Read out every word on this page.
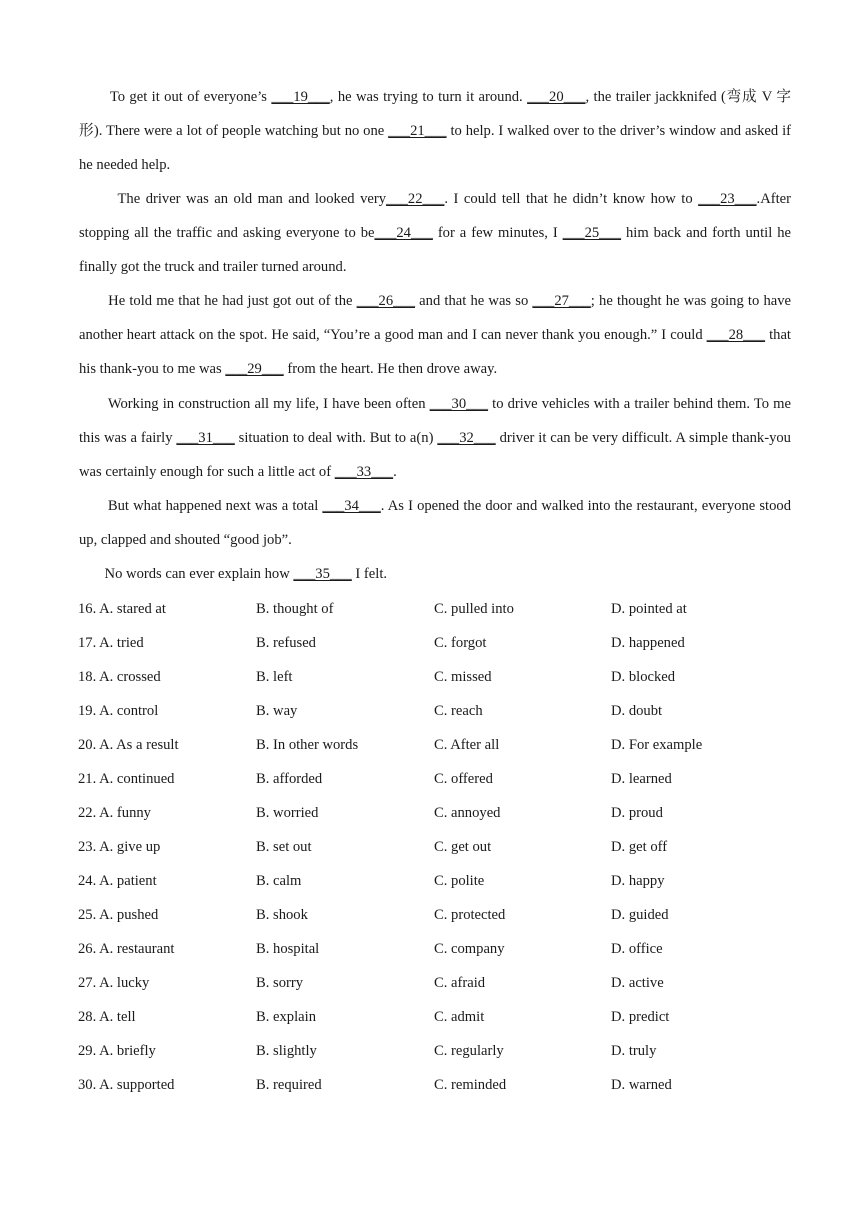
To get it out of everyone’s ___19___, he was trying to turn it around. ___20___, the trailer jackknifed (弯成 V 字形). There were a lot of people watching but no one ___21___ to help. I walked over to the driver’s window and asked if he needed help.

The driver was an old man and looked very___22___. I could tell that he didn’t know how to ___23___.After stopping all the traffic and asking everyone to be___24___ for a few minutes, I ___25___ him back and forth until he finally got the truck and trailer turned around.

He told me that he had just got out of the ___26___ and that he was so ___27___; he thought he was going to have another heart attack on the spot. He said, “You’re a good man and I can never thank you enough.” I could ___28___ that his thank-you to me was ___29___ from the heart. He then drove away.

Working in construction all my life, I have been often ___30___ to drive vehicles with a trailer behind them. To me this was a fairly ___31___ situation to deal with. But to a(n) ___32___ driver it can be very difficult. A simple thank-you was certainly enough for such a little act of ___33___.

But what happened next was a total ___34___. As I opened the door and walked into the restaurant, everyone stood up, clapped and shouted “good job”.

No words can ever explain how ___35___ I felt.

16. A. stared at	B. thought of	C. pulled into	D. pointed at
17. A. tried	B. refused	C. forgot	D. happened
18. A. crossed	B. left	C. missed	D. blocked
19. A. control	B. way	C. reach	D. doubt
20. A. As a result	B. In other words	C. After all	D. For example
21. A. continued	B. afforded	C. offered	D. learned
22. A. funny	B. worried	C. annoyed	D. proud
23. A. give up	B. set out	C. get out	D. get off
24. A. patient	B. calm	C. polite	D. happy
25. A. pushed	B. shook	C. protected	D. guided
26. A. restaurant	B. hospital	C. company	D. office
27. A. lucky	B. sorry	C. afraid	D. active
28. A. tell	B. explain	C. admit	D. predict
29. A. briefly	B. slightly	C. regularly	D. truly
30. A. supported	B. required	C. reminded	D. warned
